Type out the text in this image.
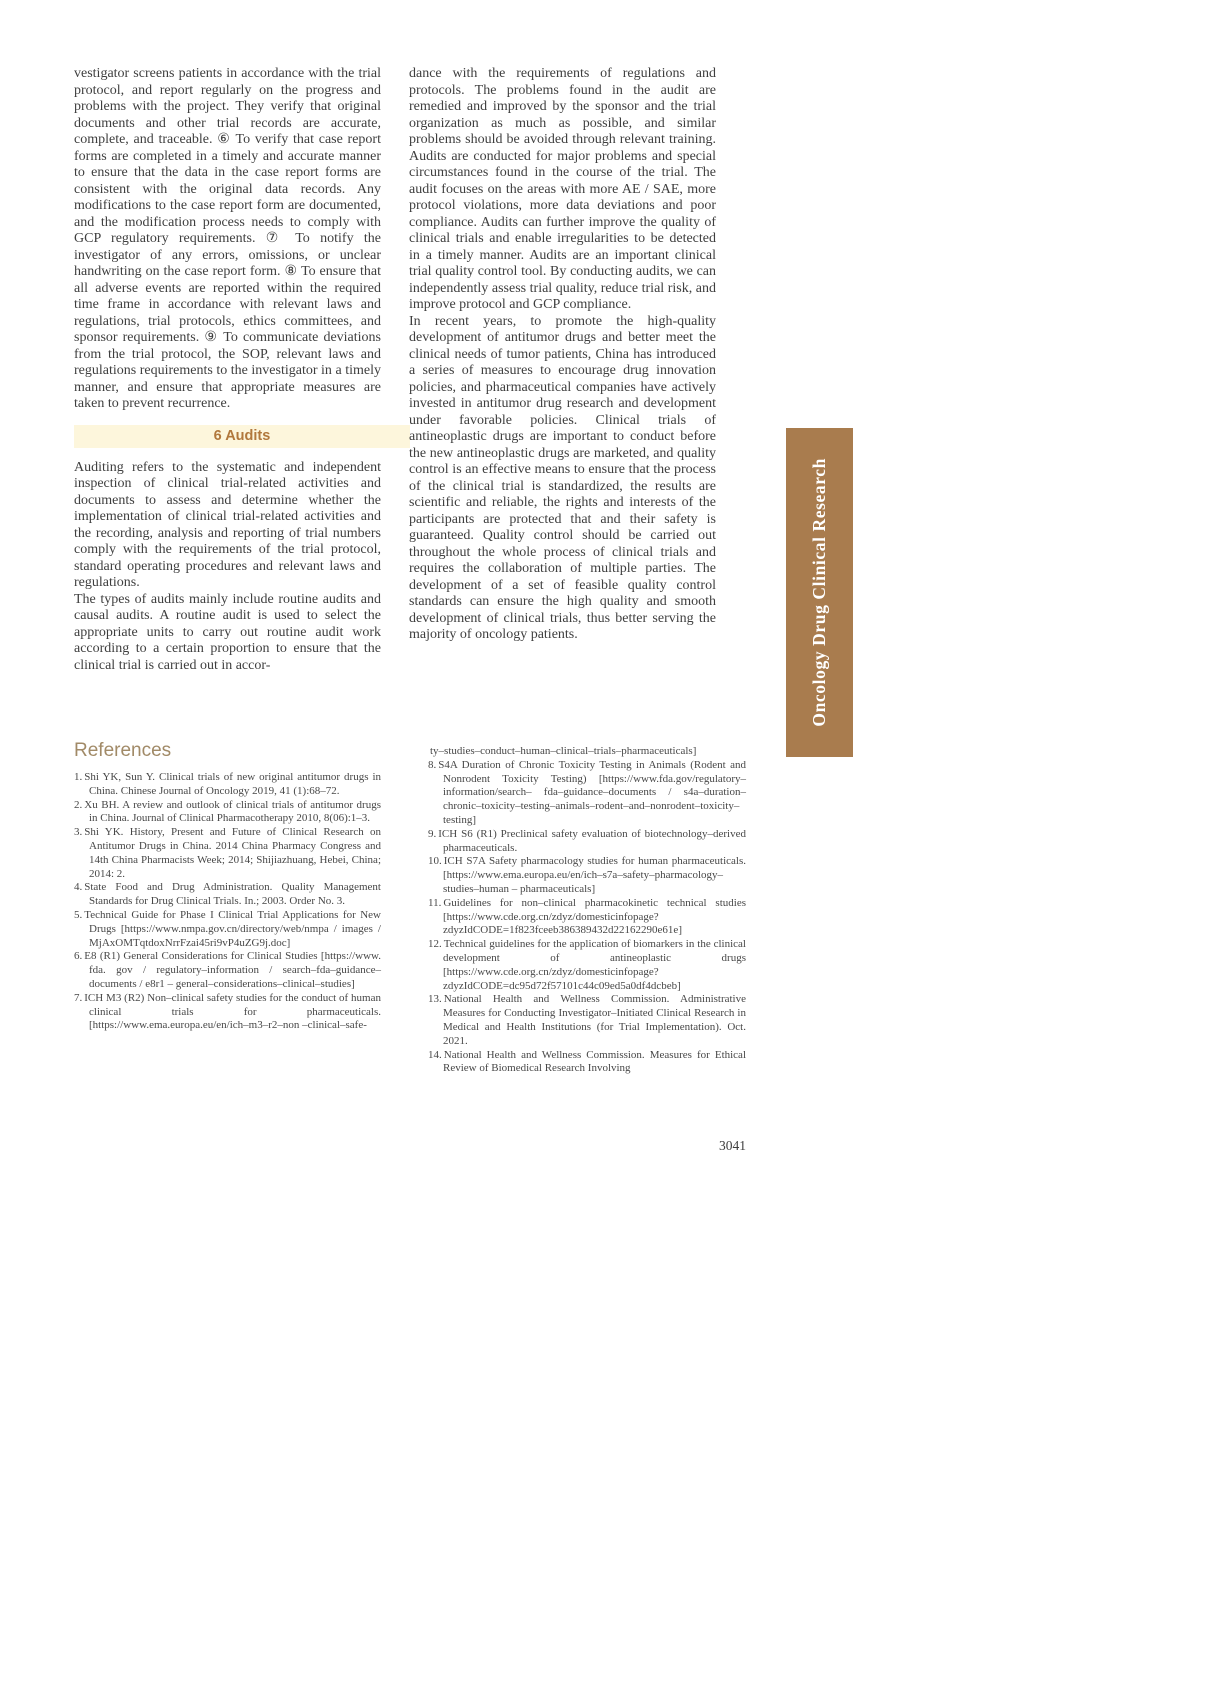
vestigator screens patients in accordance with the trial protocol, and report regularly on the progress and problems with the project. They verify that original documents and other trial records are accurate, complete, and traceable. ⑥ To verify that case report forms are completed in a timely and accurate manner to ensure that the data in the case report forms are consistent with the original data records. Any modifications to the case report form are documented, and the modification process needs to comply with GCP regulatory requirements. ⑦ To notify the investigator of any errors, omissions, or unclear handwriting on the case report form. ⑧ To ensure that all adverse events are reported within the required time frame in accordance with relevant laws and regulations, trial protocols, ethics committees, and sponsor requirements. ⑨ To communicate deviations from the trial protocol, the SOP, relevant laws and regulations requirements to the investigator in a timely manner, and ensure that appropriate measures are taken to prevent recurrence.

6 Audits

Auditing refers to the systematic and independent inspection of clinical trial-related activities and documents to assess and determine whether the implementation of clinical trial-related activities and the recording, analysis and reporting of trial numbers comply with the requirements of the trial protocol, standard operating procedures and relevant laws and regulations.

The types of audits mainly include routine audits and causal audits. A routine audit is used to select the appropriate units to carry out routine audit work according to a certain proportion to ensure that the clinical trial is carried out in accor-

dance with the requirements of regulations and protocols. The problems found in the audit are remedied and improved by the sponsor and the trial organization as much as possible, and similar problems should be avoided through relevant training. Audits are conducted for major problems and special circumstances found in the course of the trial. The audit focuses on the areas with more AE / SAE, more protocol violations, more data deviations and poor compliance. Audits can further improve the quality of clinical trials and enable irregularities to be detected in a timely manner. Audits are an important clinical trial quality control tool. By conducting audits, we can independently assess trial quality, reduce trial risk, and improve protocol and GCP compliance.

In recent years, to promote the high-quality development of antitumor drugs and better meet the clinical needs of tumor patients, China has introduced a series of measures to encourage drug innovation policies, and pharmaceutical companies have actively invested in antitumor drug research and development under favorable policies. Clinical trials of antineoplastic drugs are important to conduct before the new antineoplastic drugs are marketed, and quality control is an effective means to ensure that the process of the clinical trial is standardized, the results are scientific and reliable, the rights and interests of the participants are protected that and their safety is guaranteed. Quality control should be carried out throughout the whole process of clinical trials and requires the collaboration of multiple parties. The development of a set of feasible quality control standards can ensure the high quality and smooth development of clinical trials, thus better serving the majority of oncology patients.	Oncology Drug Clinical Research
References

1. Shi YK, Sun Y. Clinical trials of new original antitumor drugs in China. Chinese Journal of Oncology 2019, 41 (1):68–72.

2. Xu BH. A review and outlook of clinical trials of antitumor drugs in China. Journal of Clinical Pharmacotherapy 2010, 8(06):1–3.

3. Shi YK. History, Present and Future of Clinical Research on Antitumor Drugs in China. 2014 China Pharmacy Congress and 14th China Pharmacists Week; 2014; Shijiazhuang, Hebei, China; 2014: 2.

4. State Food and Drug Administration. Quality Management Standards for Drug Clinical Trials. In.; 2003. Order No. 3.

5. Technical Guide for Phase I Clinical Trial Applications for New Drugs [https://www.nmpa.gov.cn/directory/web/nmpa / images / MjAxOMTqtdoxNrrFzai45ri9vP4uZG9j.doc]

6. E8 (R1) General Considerations for Clinical Studies [https://www. fda. gov / regulatory–information / search–fda–guidance–documents / e8r1 – general–considerations–clinical–studies]

7. ICH M3 (R2) Non–clinical safety studies for the conduct of human clinical trials for pharmaceuticals. [https://www.ema.europa.eu/en/ich–m3–r2–non –clinical–safe-

ty–studies–conduct–human–clinical–trials–pharmaceuticals]

8. S4A Duration of Chronic Toxicity Testing in Animals (Rodent and Nonrodent Toxicity Testing) [https://www.fda.gov/regulatory–information/search– fda–guidance–documents / s4a–duration–chronic–toxicity–testing–animals–rodent–and–nonrodent–toxicity–testing]

9. ICH S6 (R1) Preclinical safety evaluation of biotechnology–derived pharmaceuticals.

10. ICH S7A Safety pharmacology studies for human pharmaceuticals. [https://www.ema.europa.eu/en/ich–s7a–safety–pharmacology–studies–human – pharmaceuticals]

11. Guidelines for non–clinical pharmacokinetic technical studies [https://www.cde.org.cn/zdyz/domesticinfopage?zdyzIdCODE=1f823fceeb386389432d22162290e61e]

12. Technical guidelines for the application of biomarkers in the clinical development of antineoplastic drugs [https://www.cde.org.cn/zdyz/domesticinfopage?zdyzIdCODE=dc95d72f57101c44c09ed5a0df4dcbeb]

13. National Health and Wellness Commission. Administrative Measures for Conducting Investigator–Initiated Clinical Research in Medical and Health Institutions (for Trial Implementation). Oct. 2021.

14. National Health and Wellness Commission. Measures for Ethical Review of Biomedical Research Involving

3041
